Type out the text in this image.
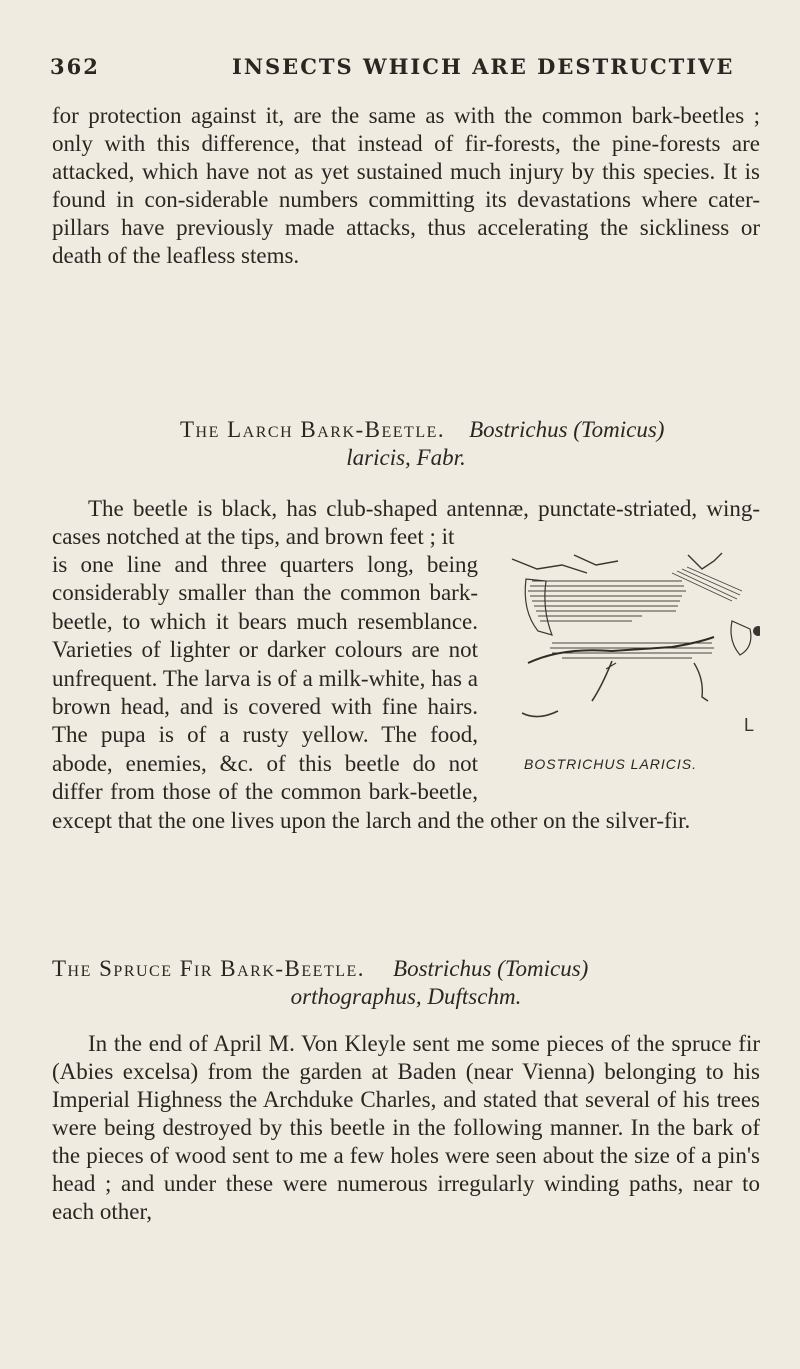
362	INSECTS WHICH ARE DESTRUCTIVE

for protection against it, are the same as with the common bark-beetles ; only with this difference, that instead of fir-forests, the pine-forests are attacked, which have not as yet sustained much injury by this species. It is found in con-siderable numbers committing its devastations where cater-pillars have previously made attacks, thus accelerating the sickliness or death of the leafless stems.

The Larch Bark-Beetle. Bostrichus (Tomicus)
laricis, Fabr.

The beetle is black, has club-shaped antennæ, punctate-striated, wing-cases notched at the tips, and brown feet ; it

L
BOSTRICHUS LARICIS.

is one line and three quarters long, being considerably smaller than the common bark-beetle, to which it bears much resemblance. Varieties of lighter or darker colours are not unfrequent. The larva is of a milk-white, has a brown head, and is covered with fine hairs. The pupa is of a rusty yellow. The food, abode, enemies, &c. of this beetle do not differ from those of the common bark-beetle, except that the one lives upon the larch and the other on the silver-fir.

The Spruce Fir Bark-Beetle. Bostrichus (Tomicus)
orthographus, Duftschm.

In the end of April M. Von Kleyle sent me some pieces of the spruce fir (Abies excelsa) from the garden at Baden (near Vienna) belonging to his Imperial Highness the Archduke Charles, and stated that several of his trees were being destroyed by this beetle in the following manner. In the bark of the pieces of wood sent to me a few holes were seen about the size of a pin's head ; and under these were numerous irregularly winding paths, near to each other,
